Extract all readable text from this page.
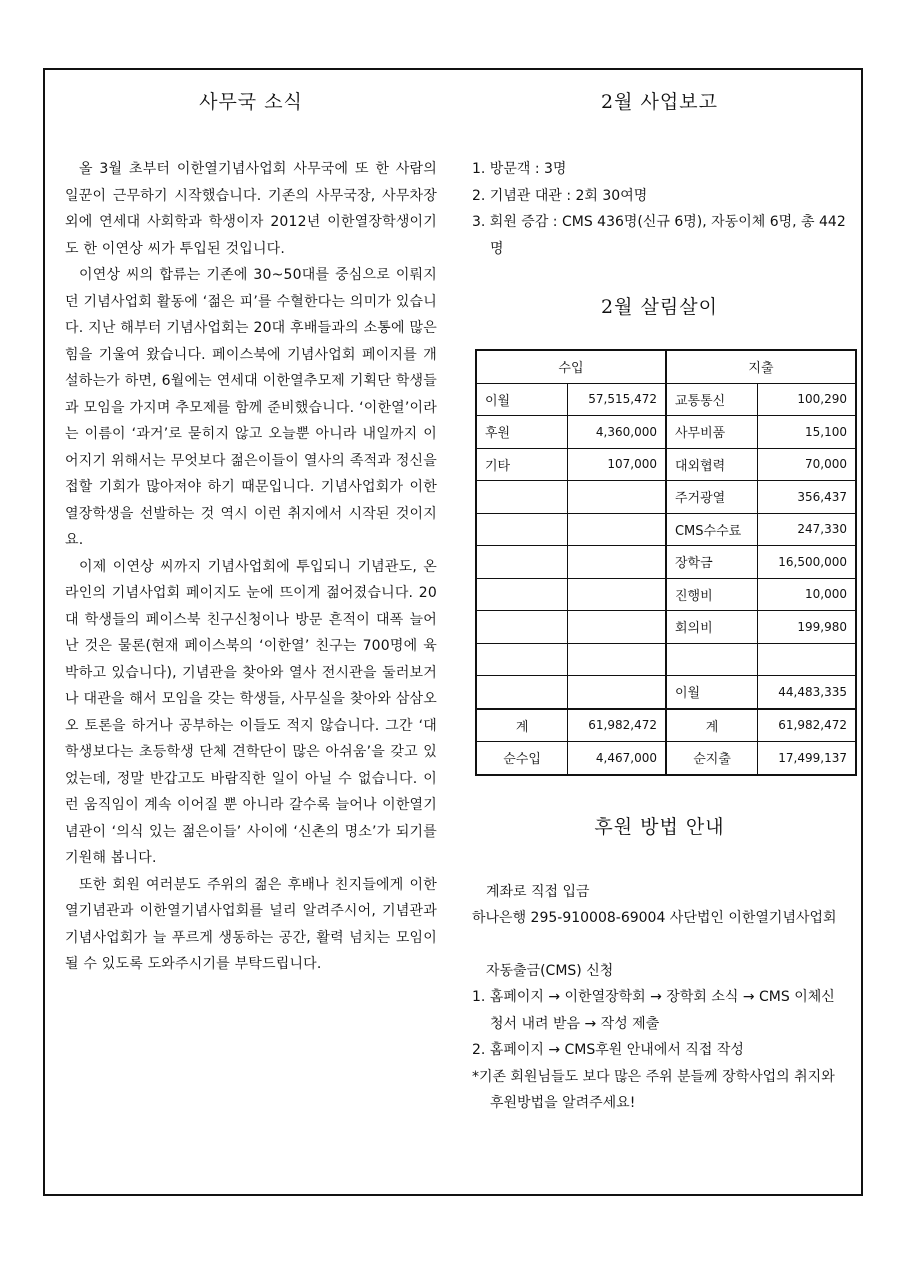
사무국 소식

올 3월 초부터 이한열기념사업회 사무국에 또 한 사람의 일꾼이 근무하기 시작했습니다. 기존의 사무국장, 사무차장 외에 연세대 사회학과 학생이자 2012년 이한열장학생이기도 한 이연상 씨가 투입된 것입니다.

이연상 씨의 합류는 기존에 30~50대를 중심으로 이뤄지던 기념사업회 활동에 ‘젊은 피’를 수혈한다는 의미가 있습니다. 지난 해부터 기념사업회는 20대 후배들과의 소통에 많은 힘을 기울여 왔습니다. 페이스북에 기념사업회 페이지를 개설하는가 하면, 6월에는 연세대 이한열추모제 기획단 학생들과 모임을 가지며 추모제를 함께 준비했습니다. ‘이한열’이라는 이름이 ‘과거’로 묻히지 않고 오늘뿐 아니라 내일까지 이어지기 위해서는 무엇보다 젊은이들이 열사의 족적과 정신을 접할 기회가 많아져야 하기 때문입니다. 기념사업회가 이한열장학생을 선발하는 것 역시 이런 취지에서 시작된 것이지요.

이제 이연상 씨까지 기념사업회에 투입되니 기념관도, 온라인의 기념사업회 페이지도 눈에 뜨이게 젊어졌습니다. 20대 학생들의 페이스북 친구신청이나 방문 흔적이 대폭 늘어난 것은 물론(현재 페이스북의 ‘이한열’ 친구는 700명에 육박하고 있습니다), 기념관을 찾아와 열사 전시관을 둘러보거나 대관을 해서 모임을 갖는 학생들, 사무실을 찾아와 삼삼오오 토론을 하거나 공부하는 이들도 적지 않습니다. 그간 ‘대학생보다는 초등학생 단체 견학단이 많은 아쉬움’을 갖고 있었는데, 정말 반갑고도 바람직한 일이 아닐 수 없습니다. 이런 움직임이 계속 이어질 뿐 아니라 갈수록 늘어나 이한열기념관이 ‘의식 있는 젊은이들’ 사이에 ‘신촌의 명소’가 되기를 기원해 봅니다.

또한 회원 여러분도 주위의 젊은 후배나 친지들에게 이한열기념관과 이한열기념사업회를 널리 알려주시어, 기념관과 기념사업회가 늘 푸르게 생동하는 공간, 활력 넘치는 모임이 될 수 있도록 도와주시기를 부탁드립니다.

2월 사업보고

1. 방문객 : 3명

2. 기념관 대관 : 2회 30여명

3. 회원 증감 : CMS 436명(신규 6명), 자동이체 6명, 총 442명

2월 살림살이
수입		지출	
이월	57,515,472	교통통신	100,290
후원	4,360,000	사무비품	15,100
기타	107,000	대외협력	70,000
		주거광열	356,437
		CMS수수료	247,330
		장학금	16,500,000
		진행비	10,000
		회의비	199,980

		이월	44,483,335
계	61,982,472	계	61,982,472
순수입	4,467,000	순지출	17,499,137
후원 방법 안내

계좌로 직접 입금

하나은행 295-910008-69004 사단법인 이한열기념사업회

자동출금(CMS) 신청

1. 홈페이지 → 이한열장학회 → 장학회 소식 → CMS 이체신청서 내려 받음 → 작성 제출

2. 홈페이지 → CMS후원 안내에서 직접 작성

*기존 회원님들도 보다 많은 주위 분들께 장학사업의 취지와 후원방법을 알려주세요!
